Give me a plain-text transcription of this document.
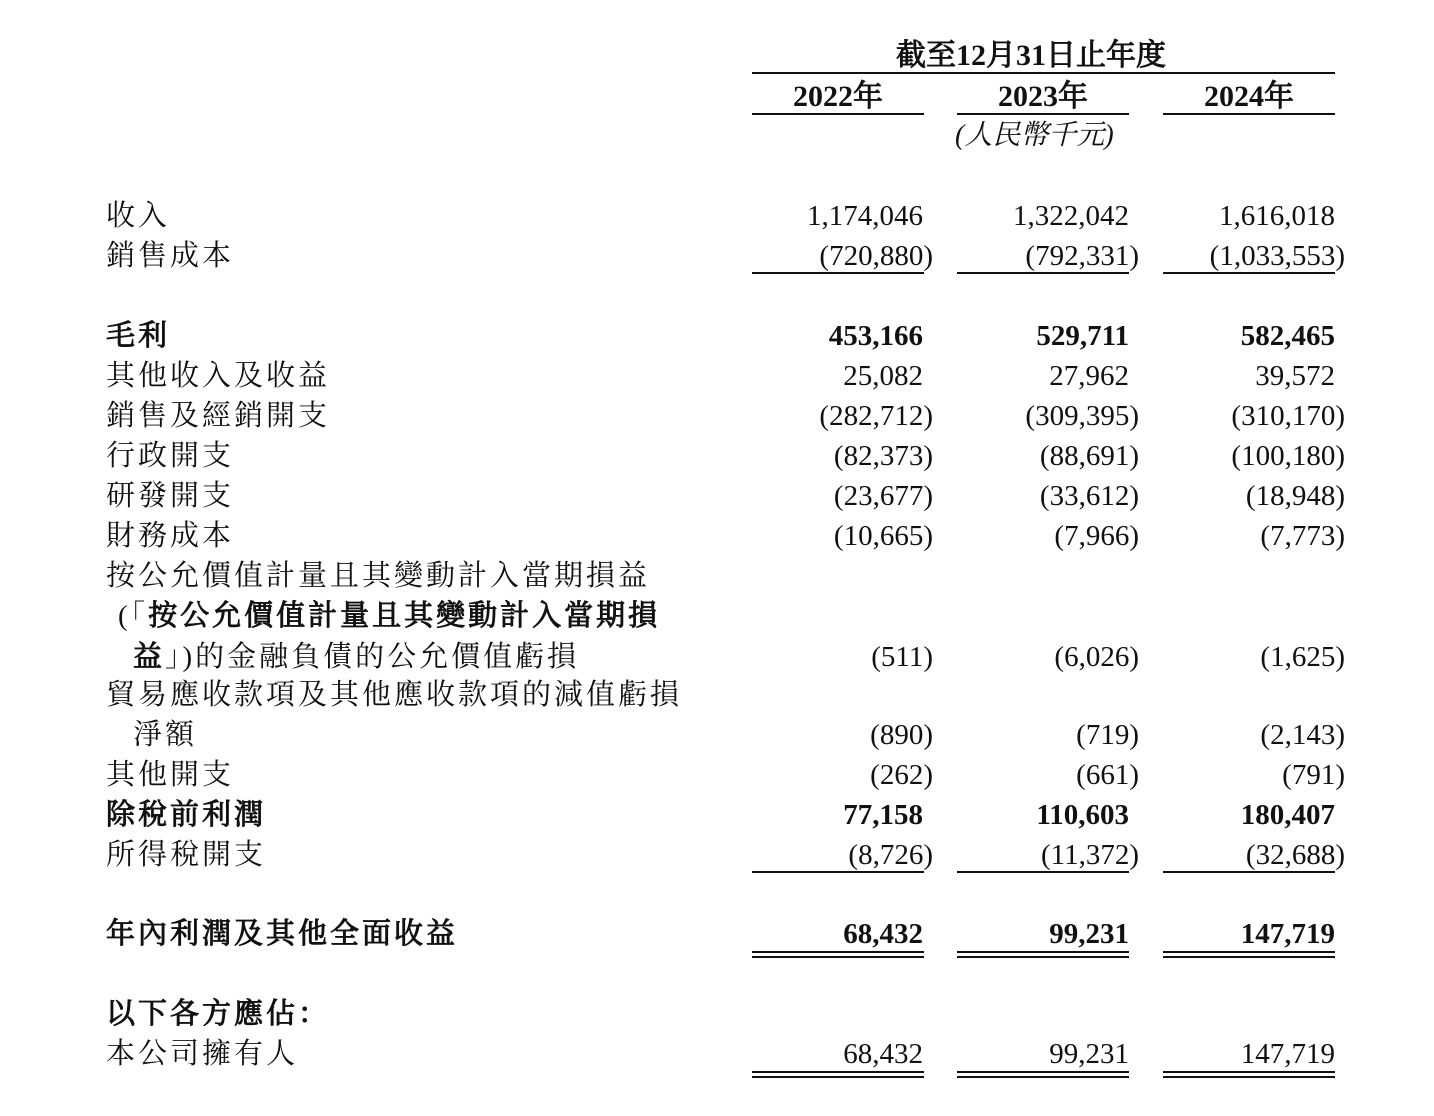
截至12月31日止年度
2022年	2023年	2024年
(人民幣千元)
收入	1,174,046	1,322,042	1,616,018
銷售成本	(720,880)	(792,331)	(1,033,553)
毛利	453,166	529,711	582,465
其他收入及收益	25,082	27,962	39,572
銷售及經銷開支	(282,712)	(309,395)	(310,170)
行政開支	(82,373)	(88,691)	(100,180)
研發開支	(23,677)	(33,612)	(18,948)
財務成本	(10,665)	(7,966)	(7,773)
按公允價值計量且其變動計入當期損益
(「按公允價值計量且其變動計入當期損
益」)的金融負債的公允價值虧損	(511)	(6,026)	(1,625)
貿易應收款項及其他應收款項的減值虧損
淨額	(890)	(719)	(2,143)
其他開支	(262)	(661)	(791)
除稅前利潤	77,158	110,603	180,407
所得稅開支	(8,726)	(11,372)	(32,688)
年內利潤及其他全面收益	68,432	99,231	147,719
以下各方應佔：
本公司擁有人	68,432	99,231	147,719
